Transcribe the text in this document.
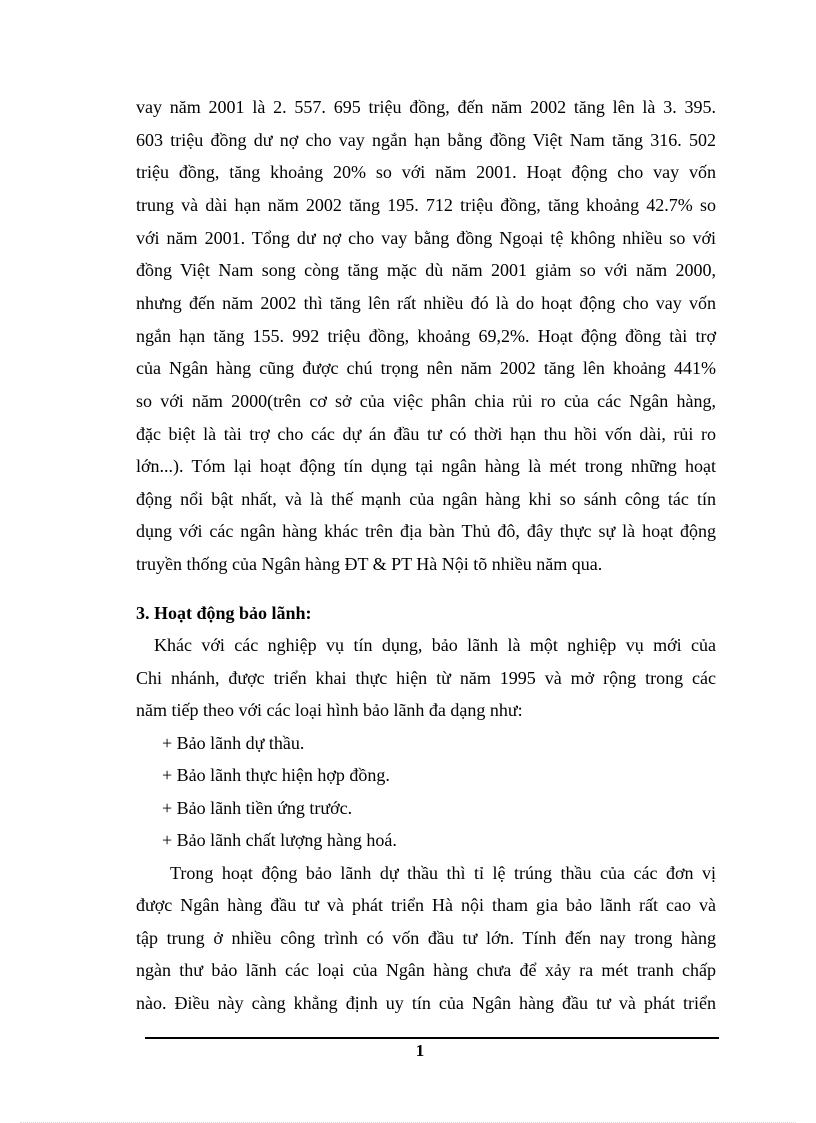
vay năm 2001 là 2. 557. 695 triệu đồng, đến năm 2002 tăng lên là 3. 395.
603 triệu đồng dư nợ cho vay ngắn hạn bằng đồng Việt Nam tăng 316. 502
triệu đồng, tăng khoảng 20% so với năm 2001. Hoạt động cho vay vốn
trung và dài hạn năm 2002 tăng 195. 712 triệu đồng, tăng khoảng 42.7% so
với năm 2001. Tổng dư nợ cho vay bằng đồng Ngoại tệ không nhiều so với
đồng Việt Nam song còng tăng mặc dù năm 2001 giảm so với năm 2000,
nhưng đến năm 2002 thì tăng lên rất nhiều đó là do hoạt động cho vay vốn
ngắn hạn tăng 155. 992 triệu đồng, khoảng 69,2%. Hoạt động đồng tài trợ
của Ngân hàng cũng được chú trọng nên năm 2002 tăng lên khoảng 441%
so với năm 2000(trên cơ sở của việc phân chia rủi ro của các Ngân hàng,
đặc biệt là tài trợ cho các dự án đầu tư có thời hạn thu hồi vốn dài, rủi ro
lớn...). Tóm lại hoạt động tín dụng tại ngân hàng là mét trong những hoạt
động nổi bật nhất, và là thế mạnh của ngân hàng khi so sánh công tác tín
dụng với các ngân hàng khác trên địa bàn Thủ đô, đây thực sự là hoạt động
truyền thống của Ngân hàng ĐT & PT Hà Nội tõ nhiều năm qua.
3. Hoạt động bảo lãnh:
Khác với các nghiệp vụ tín dụng, bảo lãnh là một nghiệp vụ mới của
Chi nhánh, được triển khai thực hiện từ năm 1995 và mở rộng trong các
năm tiếp theo với các loại hình bảo lãnh đa dạng như:
+ Bảo lãnh dự thầu.
+ Bảo lãnh thực hiện hợp đồng.
+ Bảo lãnh tiền ứng trước.
+ Bảo lãnh chất lượng hàng hoá.
Trong hoạt động bảo lãnh dự thầu thì tỉ lệ trúng thầu của các đơn vị
được Ngân hàng đầu tư và phát triển Hà nội tham gia bảo lãnh rất cao và
tập trung ở nhiều công trình có vốn đầu tư lớn. Tính đến nay trong hàng
ngàn thư bảo lãnh các loại của Ngân hàng chưa để xảy ra mét tranh chấp
nào. Điều này càng khẳng định uy tín của Ngân hàng đầu tư và phát triển
1
